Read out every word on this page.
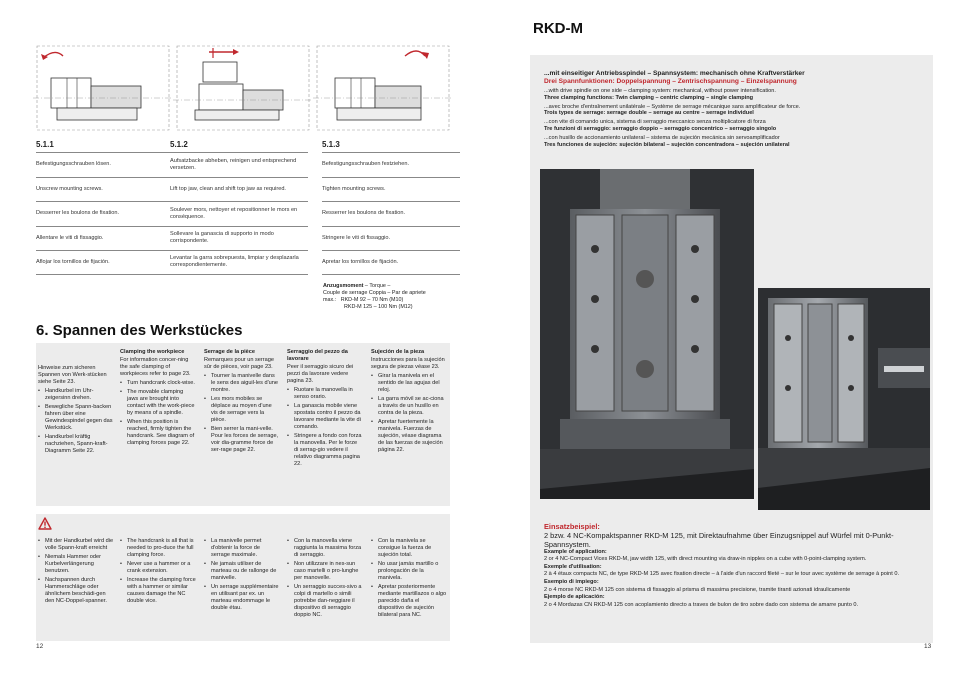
5.1.1
Befestigungsschrauben lösen.
Unscrew mounting screws.
Desserrer les boulons de fixation.
Allentare le viti di fissaggio.
Aflojar los tornillos de fijación.
5.1.2
Aufsatzbacke abheben, reinigen und entsprechend versetzen.
Lift top jaw, clean and shift top jaw as required.
Soulever mors, nettoyer et repositionner le mors en conséquence.
Sollevare la ganascia di supporto in modo corrispondente.
Levantar la garra sobrepuesta, limpiar y desplazarla correspondientemente.
5.1.3
Befestigungsschrauben festziehen.
Tighten mounting screws.
Resserrer les boulons de fixation.
Stringere le viti di fissaggio.
Apretar los tornillos de fijación.
Anzugsmoment – Torque –
Couple de serrage Coppia – Par de apriete
max.: RKD-M 92 – 70 Nm (M10)
RKD-M 125 – 100 Nm (M12)
6. Spannen des Werkstückes
Hinweise zum sicheren Spannen von Werk-stücken siehe Seite 23.
• Handkurbel im Uhr-zeigersinn drehen.
• Bewegliche Spann-backen fahren über eine Gewindespindel gegen das Werkstück.
• Handkurbel kräftig nachziehen, Spann-kraft-Diagramm Seite 22.
Clamping the workpiece
For information concer-ning the safe clamping of workpieces refer to page 23.
• Turn handcrank clock-wise.
• The movable clamping jaws are brought into contact with the work-piece by means of a spindle.
• When this position is reached, firmly tighten the handcrank. See diagram of clamping forces page 22.
Serrage de la pièce
Remarques pour un serrage sûr de pièces, voir page 23.
• Tourner la manivelle dans le sens des aiguil-les d'une montre.
• Les mors mobiles se déplace au moyen d'une vis de serrage vers la pièce.
• Bien serrer la mani-velle. Pour les forces de serrage, voir dia-gramme force de ser-rage page 22.
Serraggio del pezzo da lavorare
Peer il serraggio sicuro dei pezzi da lavorare vedere pagina 23.
• Ruotare la manovella in senso orario.
• La ganascia mobile viene spostata contro il pezzo da lavorare mediante la vite di comando.
• Stringere a fondo con forza la manovella. Per le forze di serrag-gio vedere il relativo diagramma pagina 22.
Sujeción de la pieza
Instrucciones para la sujeción segura de piezas véase 23.
• Girar la manivela en el sentido de las agujas del reloj.
• La garra móvil se ac-ciona a través de un husillo en contra de la pieza.
• Apretar fuertemente la manivela. Fuerzas de sujeción, véase diagrama de las fuerzas de sujeción página 22.
• Mit der Handkurbel wird die volle Spann-kraft erreicht
• Niemals Hammer oder Kurbelverlängerung benutzen.
• Nachspannen durch Hammerschläge oder ähnlichem beschädi-gen den NC-Doppel-spanner.
• The handcrank is all that is needed to pro-duce the full clamping force.
• Never use a hammer or a crank extension.
• Increase the clamping force with a hammer or similar causes damage the NC double vice.
• La manivelle permet d'obtenir la force de serrage maximale.
• Ne jamais utiliser de marteau ou de rallonge de manivelle.
• Un serrage supplémentaire en utilisant par ex. un marteau endommage le double étau.
• Con la manovella viene raggiunta la massima forza di serraggio.
• Non utilizzare in nes-sun caso martelli o pro-lunghe per manovelle.
• Un serraggio succes-sivo a colpi di martello o simili potrebbe dan-neggiare il dispositivo di serraggio doppio NC.
• Con la manivela se consigue la fuerza de sujeción total.
• No usar jamás martillo o prolongación de la manivela.
• Apretar posteriormente mediante martillazos o algo parecido daña el dispositivo de sujeción bilateral para NC.
12
RKD-M
...mit einseitiger Antriebsspindel – Spannsystem: mechanisch ohne Kraftverstärker
Drei Spannfunktionen: Doppelspannung – Zentrischspannung – Einzelspannung
...with drive spindle on one side – clamping system: mechanical, without power intensification.
Three clamping functions: Twin clamping – centric clamping – single clamping
...avec broche d'entraînement unilatérale – Système de serrage mécanique sans amplificateur de force.
Trois types de serrage: serrage double – serrage au centre – serrage individuel
...con vite di comando unica, sistema di serraggio meccanico senza moltiplicatore di forza
Tre funzioni di serraggio: serraggio doppio – serraggio concentrico – serraggio singolo
...con husillo de accionamiento unilateral – sistema de sujeción mecánica sin servoamplificador
Tres funciones de sujeción: sujeción bilateral – sujeción concentradora – sujeción unilateral
Einsatzbeispiel:
2 bzw. 4 NC-Kompaktspanner RKD-M 125, mit Direktaufnahme über Einzugsnippel auf Würfel mit 0-Punkt-Spannsystem.
Example of application:
2 or 4 NC-Compact Vices RKD-M, jaw width 125, with direct mounting via draw-in nipples on a cube with 0-point-clamping system.
Exemple d'utilisation:
2 à 4 étaux compacts NC, de type RKD-M 125 avec fixation directe – à l'aide d'un raccord fileté – sur le tour avec système de serrage à point 0.
Esempio di impiego:
2 o 4 morse NC RKD-M 125 con sistema di fissaggio al prisma di massima precisione, tramite tiranti azionati idraulicamente
Ejemplo de aplicación:
2 o 4 Mordazas CN RKD-M 125 con acoplamiento directo a traves de bulon de tiro sobre dado con sistema de amarre punto 0.
13
